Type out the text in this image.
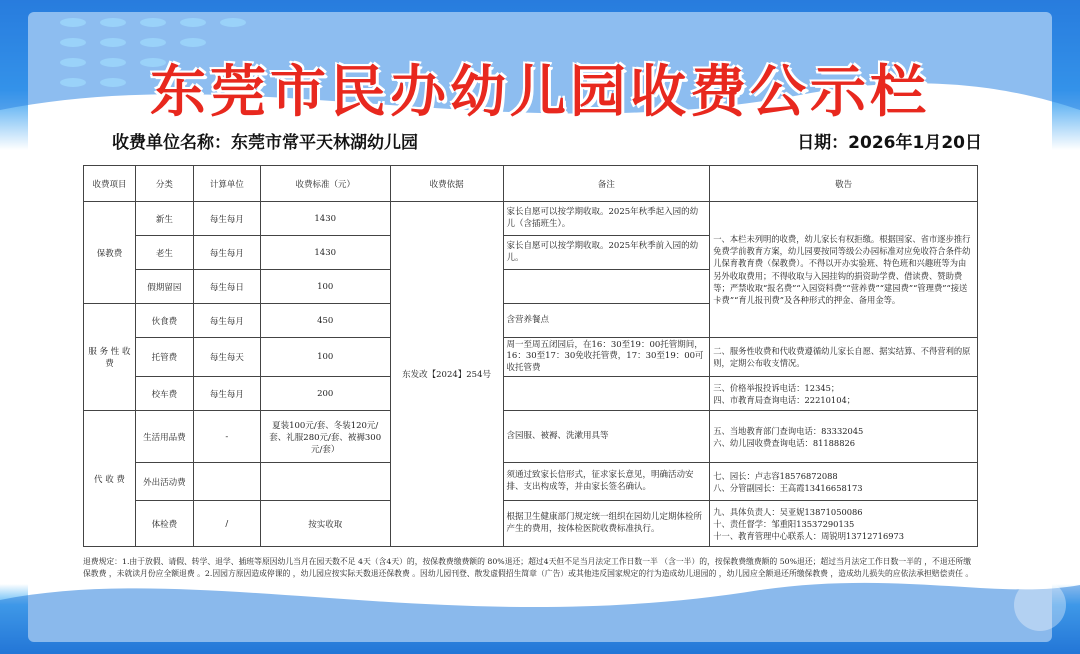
东莞市民办幼儿园收费公示栏
收费单位名称：东莞市常平天林湖幼儿园	日期：2026年1月20日
收费项目	分类	计算单位	收费标准（元）	收费依据	备注	敬告
保教费	新生	每生每月	1430	东发改【2024】254号	家长自愿可以按学期收取。2025年秋季起入园的幼儿（含插班生）。	一、本栏未列明的收费，幼儿家长有权拒缴。根据国家、省市逐步推行免费学前教育方案，幼儿园要按同等级公办园标准对应免收符合条件幼儿保育教育费（保教费）。不得以开办实验班、特色班和兴趣班等为由另外收取费用；不得收取与入园挂钩的捐资助学费、借读费、赞助费等；严禁收取“报名费”“入园资料费”“营养费”“建园费”“管理费”“接送卡费”“育儿报刊费”及各种形式的押金、备用金等。
	老生	每生每月	1430		家长自愿可以按学期收取。2025年秋季前入园的幼儿。	
	假期留园	每生每日	100			
服 务 性 收 费	伙食费	每生每月	450		含营养餐点	
	托管费	每生每天	100		周一至周五闭园后，在16：30至19：00托管期间，16：30至17：30免收托管费，17：30至19：00可收托管费	二、服务性收费和代收费遵循幼儿家长自愿、据实结算、不得营利的原则，定期公布收支情况。
	校车费	每生每月	200			三、价格举报投诉电话：12345；
四、市教育局查询电话：22210104；

代 收 费	生活用品费	-	夏装100元/套、冬装120元/套、礼服280元/套、被褥300元/套）		含园服、被褥、洗漱用具等	五、当地教育部门查询电话：83332045
六、幼儿园收费查询电话：81188826

	外出活动费				须通过致家长信形式，征求家长意见，明确活动安排、支出构成等，并由家长签名确认。	七、园长：卢志容18576872088
八、分管副园长：王高霞13416658173

	体检费	/	按实收取		根据卫生健康部门规定统一组织在园幼儿定期体检所产生的费用，按体检医院收费标准执行。	九、具体负责人：吴亚妮13871050086
十、责任督学：邹重阳13537290135
十一、教育管理中心联系人：周锐明13712716973
退费规定：1.由于放假、请假、转学、退学、插班等原因幼儿当月在园天数不足 4天（含4天）的，按保教费缴费额的 80%退还；超过4天但不足当月法定工作日数一半 （含一半）的，按保教费缴费额的 50%退还；超过当月法定工作日数一半的 ，不退还所缴保教费 ，未就读月份应全额退费 。2.因园方原因造成停课的 ，幼儿园应按实际天数退还保教费 。因幼儿园刊登、散发虚假招生简章（广告）或其他违反国家规定的行为造成幼儿退园的 ，幼儿园应全额退还所缴保教费 ，造成幼儿损失的应依法承担赔偿责任 。
